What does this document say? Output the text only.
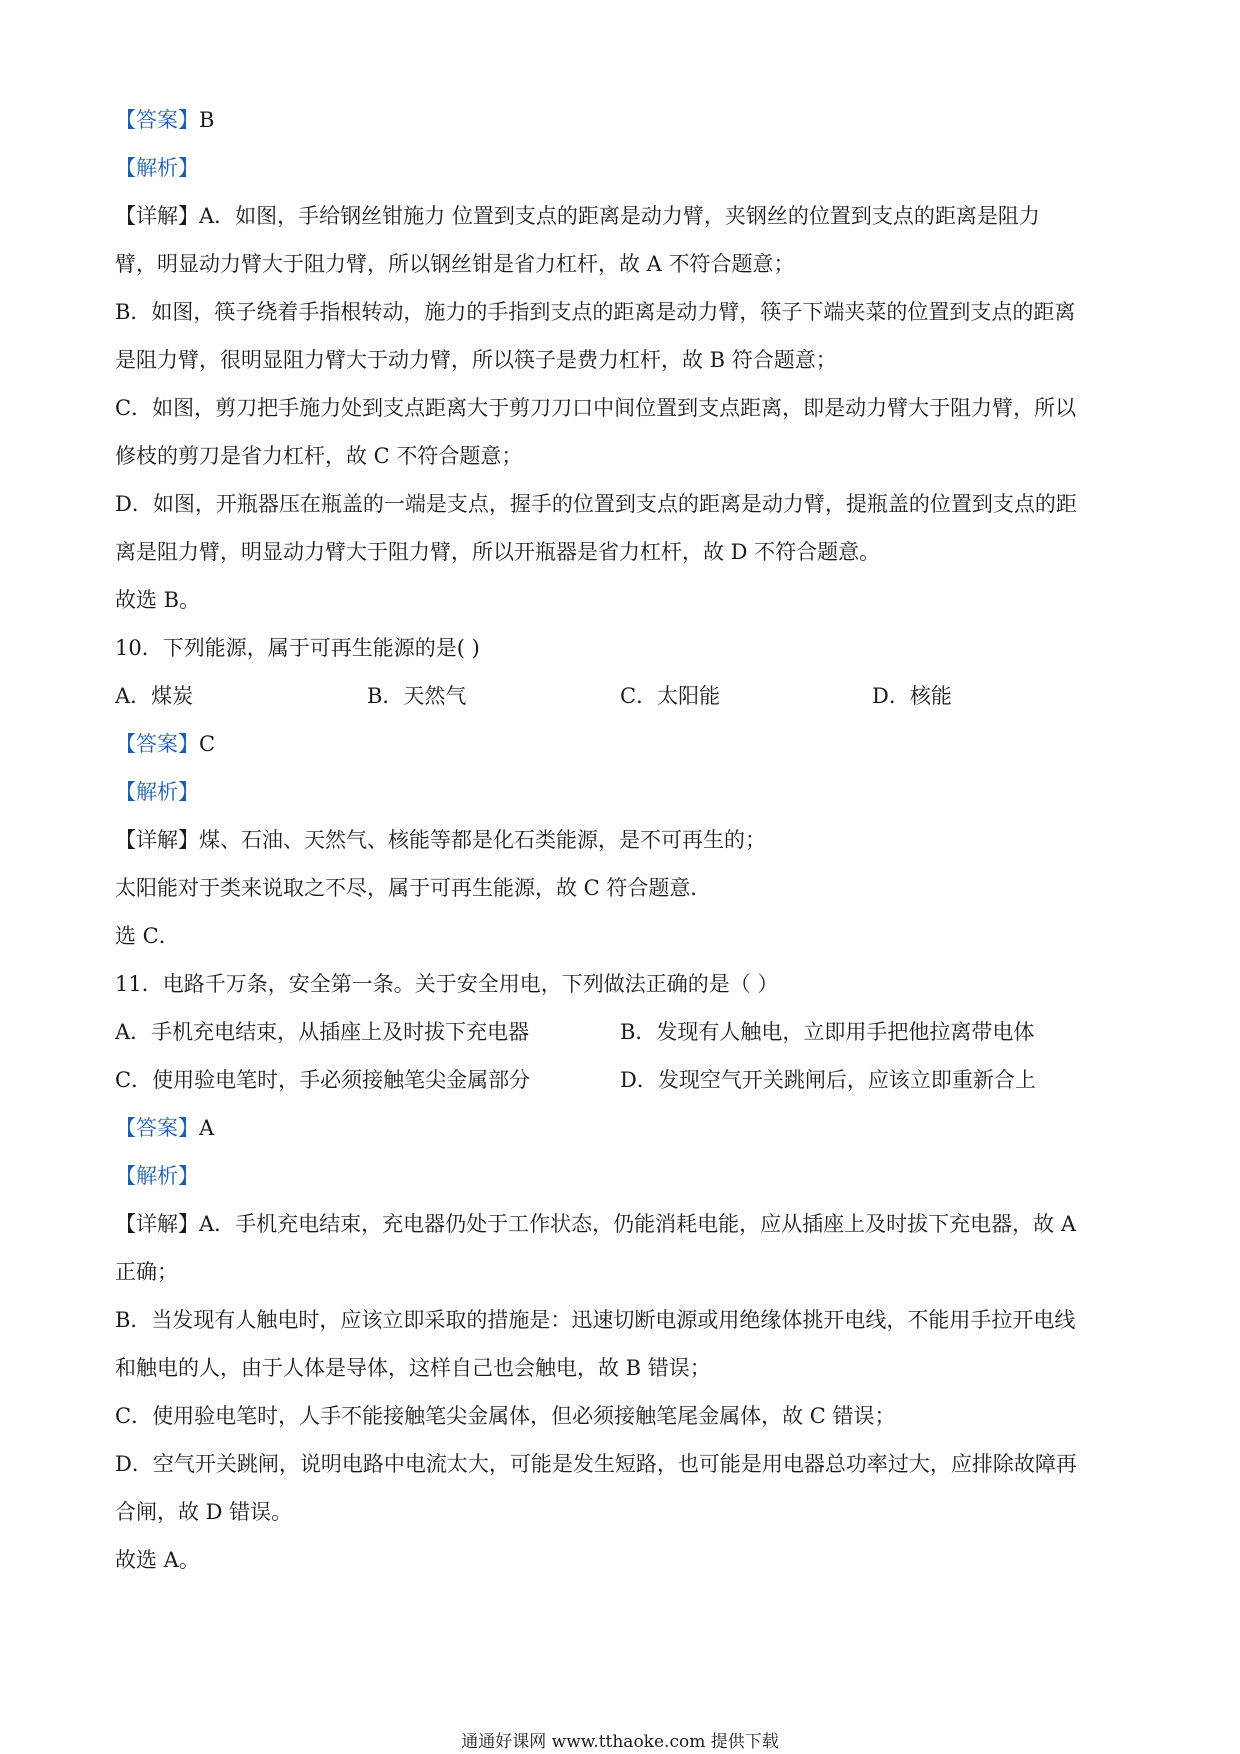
【答案】B
【解析】
【详解】A．如图，手给钢丝钳施力 位置到支点的距离是动力臂，夹钢丝的位置到支点的距离是阻力
臂，明显动力臂大于阻力臂，所以钢丝钳是省力杠杆，故 A 不符合题意；
B．如图，筷子绕着手指根转动，施力的手指到支点的距离是动力臂，筷子下端夹菜的位置到支点的距离
是阻力臂，很明显阻力臂大于动力臂，所以筷子是费力杠杆，故 B 符合题意；
C．如图，剪刀把手施力处到支点距离大于剪刀刀口中间位置到支点距离，即是动力臂大于阻力臂，所以
修枝的剪刀是省力杠杆，故 C 不符合题意；
D．如图，开瓶器压在瓶盖的一端是支点，握手的位置到支点的距离是动力臂，提瓶盖的位置到支点的距
离是阻力臂，明显动力臂大于阻力臂，所以开瓶器是省力杠杆，故 D 不符合题意。
故选 B。
10．下列能源，属于可再生能源的是( )
A．煤炭	B．天然气	C．太阳能	D．核能
【答案】C
【解析】
【详解】煤、石油、天然气、核能等都是化石类能源，是不可再生的；
太阳能对于类来说取之不尽，属于可再生能源，故 C 符合题意．
选 C．
11．电路千万条，安全第一条。关于安全用电，下列做法正确的是（ ）
A．手机充电结束，从插座上及时拔下充电器	B．发现有人触电，立即用手把他拉离带电体
C．使用验电笔时，手必须接触笔尖金属部分	D．发现空气开关跳闸后，应该立即重新合上
【答案】A
【解析】
【详解】A．手机充电结束，充电器仍处于工作状态，仍能消耗电能，应从插座上及时拔下充电器，故 A
正确；
B．当发现有人触电时，应该立即采取的措施是：迅速切断电源或用绝缘体挑开电线，不能用手拉开电线
和触电的人，由于人体是导体，这样自己也会触电，故 B 错误；
C．使用验电笔时，人手不能接触笔尖金属体，但必须接触笔尾金属体，故 C 错误；
D．空气开关跳闸，说明电路中电流太大，可能是发生短路，也可能是用电器总功率过大，应排除故障再
合闸，故 D 错误。
故选 A。
通通好课网 www.tthaoke.com 提供下载
